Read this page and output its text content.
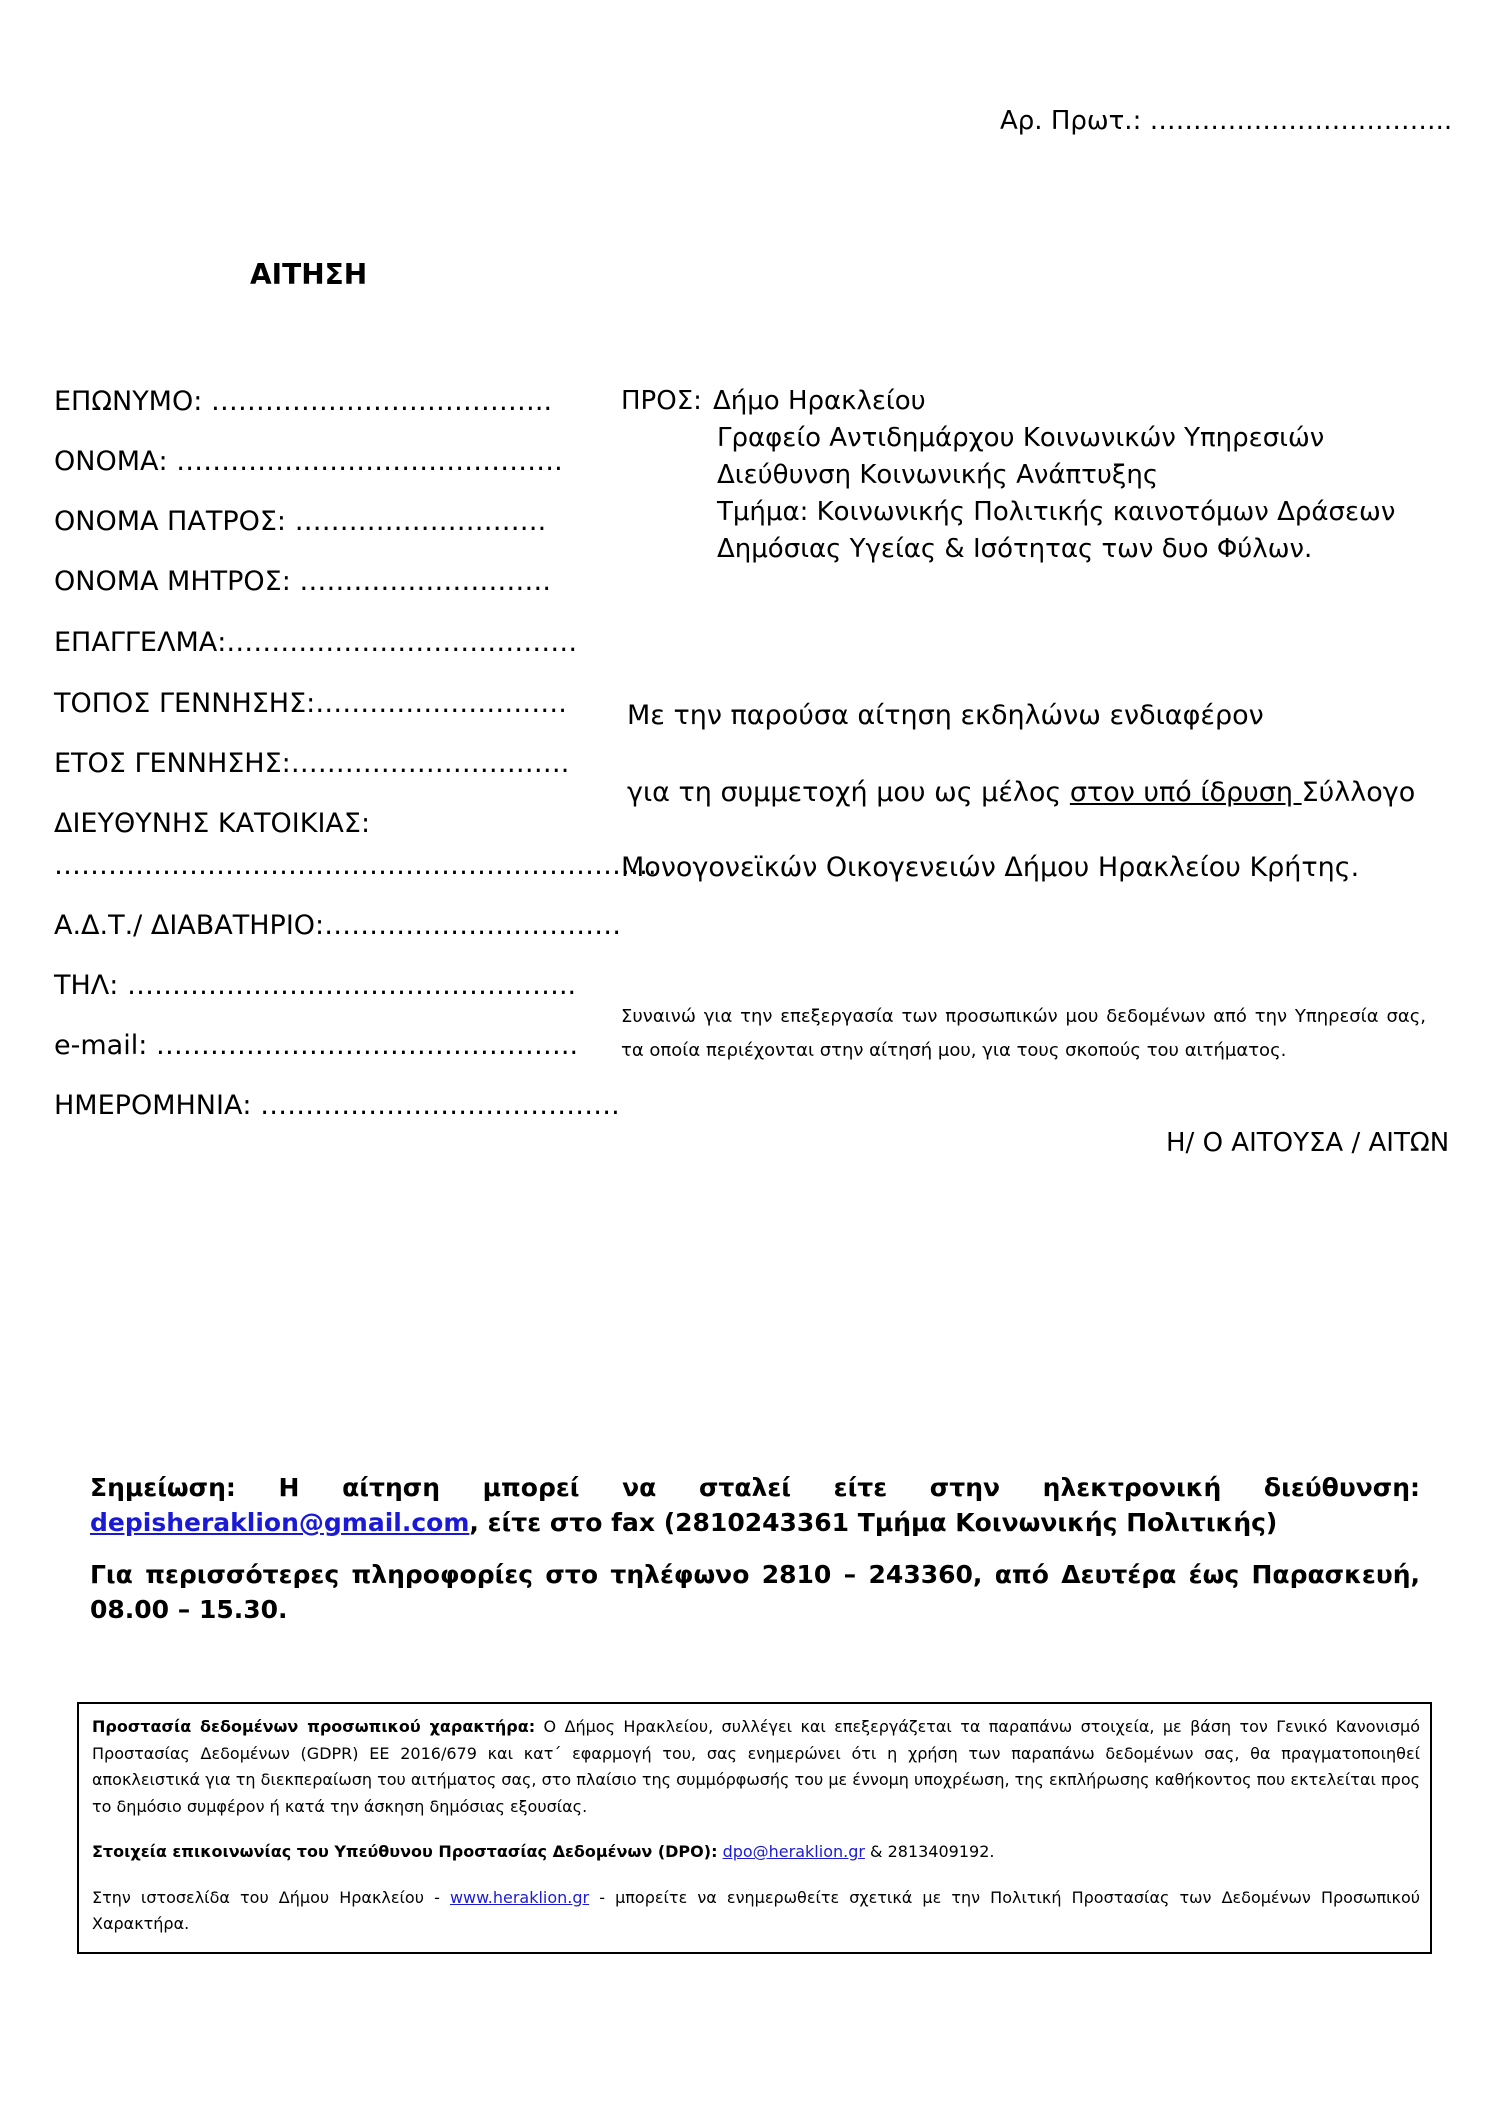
Αρ. Πρωτ.: ……………………………..
ΑΙΤΗΣΗ
ΕΠΩΝΥΜΟ: ………………………………..
ΟΝΟΜΑ: …………………………………….
ΟΝΟΜΑ ΠΑΤΡΟΣ: ……………………….
ΟΝΟΜΑ ΜΗΤΡΟΣ: ……………………….
ΕΠΑΓΓΕΛΜΑ:…………………………………
ΤΟΠΟΣ ΓΕΝΝΗΣΗΣ:……………………….
ΕΤΟΣ ΓΕΝΝΗΣΗΣ:………………………….
ΔΙΕΥΘΥΝΗΣ ΚΑΤΟΙΚΙΑΣ:
………………………………………………………….
Α.Δ.Τ./ ΔΙΑΒΑΤΗΡΙΟ:……………………………
ΤΗΛ: …………………………………………..
e-mail: ………………………………………..
ΗΜΕΡΟΜΗΝΙΑ: ………………………………….
ΠΡΟΣ: Δήμο Ηρακλείου
Γραφείο Αντιδημάρχου Κοινωνικών Υπηρεσιών
Διεύθυνση Κοινωνικής Ανάπτυξης
Τμήμα: Κοινωνικής Πολιτικής καινοτόμων Δράσεων
Δημόσιας Υγείας & Ισότητας των δυο Φύλων.
Με την παρούσα αίτηση εκδηλώνω ενδιαφέρον
για τη συμμετοχή μου ως μέλος στον υπό ίδρυση Σύλλογο
Μονογονεϊκών Οικογενειών Δήμου Ηρακλείου Κρήτης.
Συναινώ για την επεξεργασία των προσωπικών μου δεδομένων από την Υπηρεσία σας, τα οποία περιέχονται στην αίτησή μου, για τους σκοπούς του αιτήματος.
Η/ Ο ΑΙΤΟΥΣΑ / ΑΙΤΩΝ
Σημείωση: Η αίτηση μπορεί να σταλεί είτε στην ηλεκτρονική διεύθυνση: depisheraklion@gmail.com, είτε στο fax (2810243361 Τμήμα Κοινωνικής Πολιτικής)
Για περισσότερες πληροφορίες στο τηλέφωνο 2810 – 243360, από Δευτέρα έως Παρασκευή, 08.00 – 15.30.

Προστασία δεδομένων προσωπικού χαρακτήρα: Ο Δήμος Ηρακλείου, συλλέγει και επεξεργάζεται τα παραπάνω στοιχεία, με βάση τον Γενικό Κανονισμό Προστασίας Δεδομένων (GDPR) ΕΕ 2016/679 και κατ΄ εφαρμογή του, σας ενημερώνει ότι η χρήση των παραπάνω δεδομένων σας, θα πραγματοποιηθεί αποκλειστικά για τη διεκπεραίωση του αιτήματος σας, στο πλαίσιο της συμμόρφωσής του με έννομη υποχρέωση, της εκπλήρωσης καθήκοντος που εκτελείται προς το δημόσιο συμφέρον ή κατά την άσκηση δημόσιας εξουσίας.

Στοιχεία επικοινωνίας του Υπεύθυνου Προστασίας Δεδομένων (DPO): dpo@heraklion.gr & 2813409192.

Στην ιστοσελίδα του Δήμου Ηρακλείου - www.heraklion.gr - μπορείτε να ενημερωθείτε σχετικά με την Πολιτική Προστασίας των Δεδομένων Προσωπικού Χαρακτήρα.
